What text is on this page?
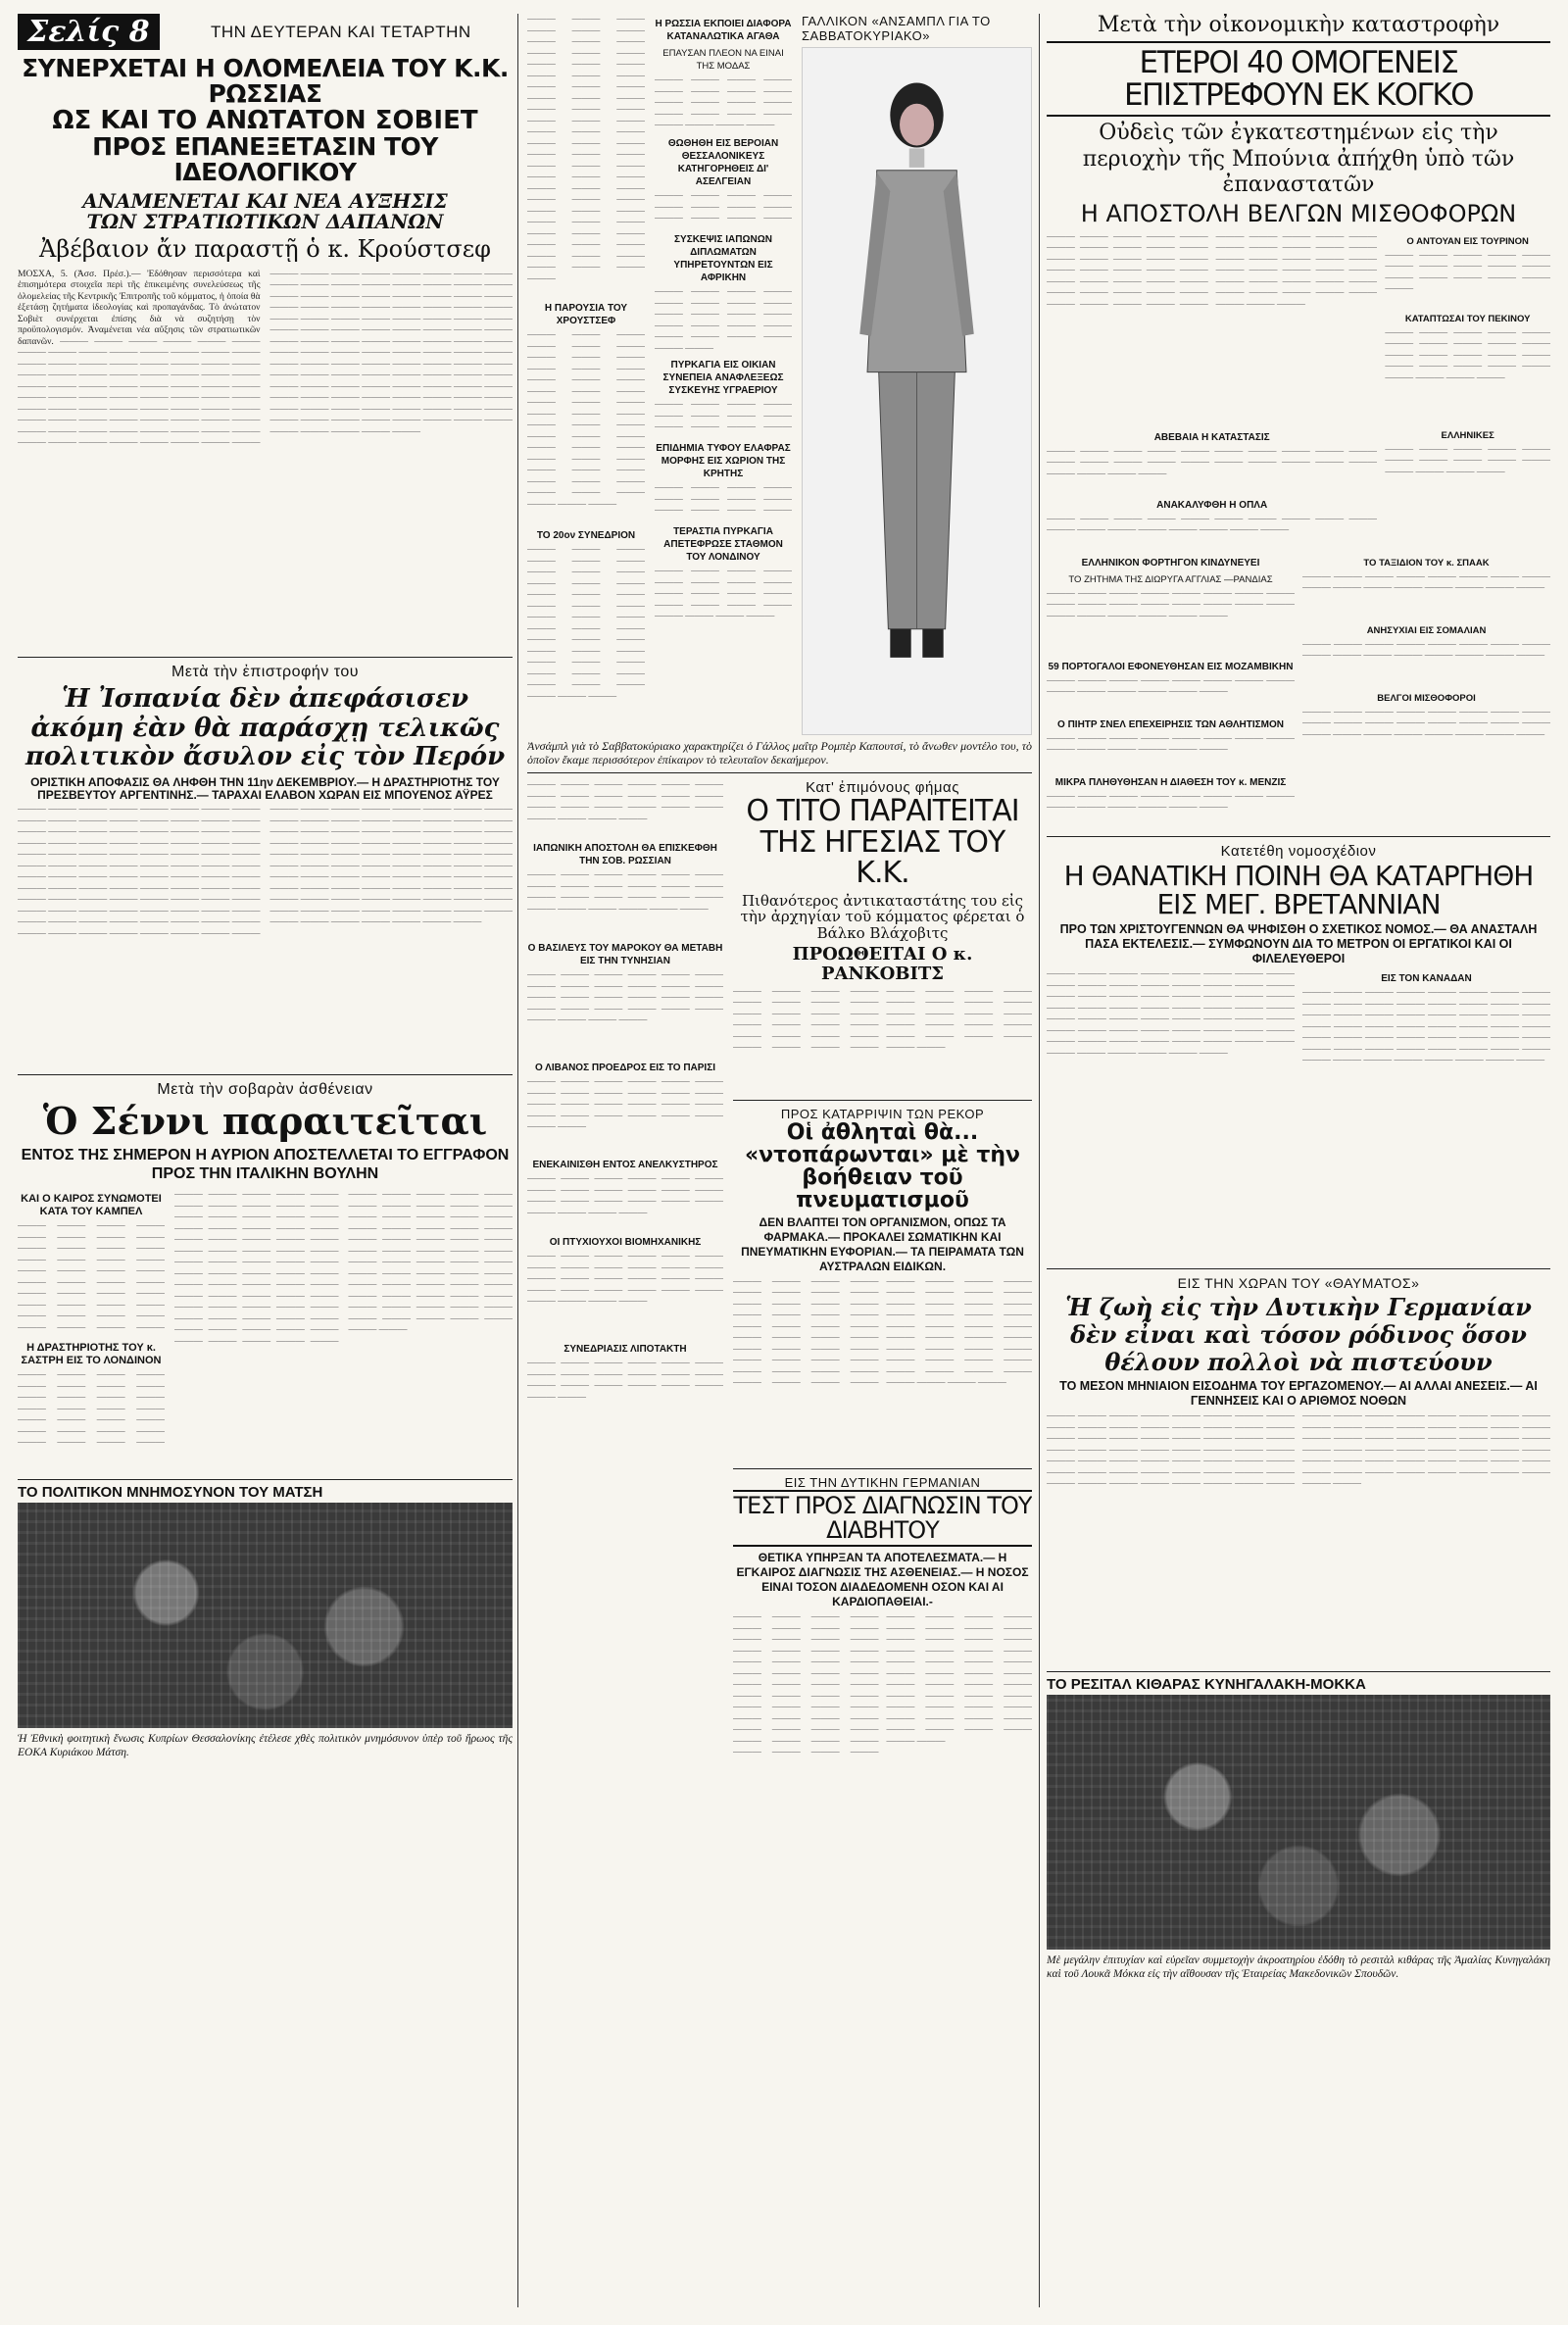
Σελίς 8	ΤΗΝ ΔΕΥΤΕΡΑΝ ΚΑΙ ΤΕΤΑΡΤΗΝ
ΣΥΝΕΡΧΕΤΑΙ Η ΟΛΟΜΕΛΕΙΑ ΤΟΥ Κ.Κ. ΡΩΣΣΙΑΣ
ΩΣ ΚΑΙ ΤΟ ΑΝΩΤΑΤΟΝ ΣΟΒΙΕΤ
ΠΡΟΣ ΕΠΑΝΕΞΕΤΑΣΙΝ ΤΟΥ ΙΔΕΟΛΟΓΙΚΟΥ
ΑΝΑΜΕΝΕΤΑΙ ΚΑΙ ΝΕΑ ΑΥΞΗΣΙΣ
ΤΩΝ ΣΤΡΑΤΙΩΤΙΚΩΝ ΔΑΠΑΝΩΝ
Ἀβέβαιον ἄν παραστῇ ὁ κ. Κρούστσεφ
ΜΟΣΧΑ, 5. (Ἀσσ. Πρέσ.).— Ἐδόθησαν περισσότερα καὶ ἐπισημότερα στοιχεῖα περὶ τῆς ἐπικειμένης συνελεύσεως τῆς ὁλομελείας τῆς Κεντρικῆς Ἐπιτροπῆς τοῦ κόμματος, ἡ ὁποία θὰ ἐξετάσῃ ζητήματα ἰδεολογίας καὶ προπαγάνδας. Τὸ ἀνώτατον Σοβιὲτ συνέρχεται ἐπίσης διὰ νὰ συζητήσῃ τὸν προϋπολογισμόν. Ἀναμένεται νέα αὔξησις τῶν στρατιωτικῶν δαπανῶν. ——— ——— ——— ——— ——— ——— ——— ——— ——— ——— ——— ——— ——— ——— ——— ——— ——— ——— ——— ——— ——— ——— ——— ——— ——— ——— ——— ——— ——— ——— ——— ——— ——— ——— ——— ——— ——— ——— ——— ——— ——— ——— ——— ——— ——— ——— ——— ——— ——— ——— ——— ——— ——— ——— ——— ——— ——— ——— ——— ——— ——— ——— ——— ——— ——— ——— ——— ——— ——— ——— ——— ——— ——— ——— ——— ——— ——— ——— ——— ——— ——— ——— ——— ——— ——— ——— ——— ——— ——— ——— ——— ——— ——— ——— ——— ——— ——— ——— ——— ——— ——— ——— ——— ——— ——— ——— ——— ——— ——— ——— ——— ——— ——— ——— ——— ——— ——— ——— ——— ——— ——— ——— ——— ——— ——— ——— ——— ——— ——— ——— ——— ——— ——— ——— ——— ——— ——— ——— ——— ——— ——— ——— ——— ——— ——— ——— ——— ——— ——— ——— ——— ——— ——— ——— ——— ——— ——— ——— ——— ——— ——— ——— ——— ——— ——— ——— ——— ——— ——— ——— ——— ——— ——— ——— ——— ——— ——— ——— ——— ——— ——— ——— ——— ——— ——— ——— ——— ——— ——— ——— ——— ——— ——— ——— ———
Μετὰ τὴν ἐπιστροφήν του
Ἡ Ἰσπανία δὲν ἀπεφάσισεν ἀκόμη ἐὰν θὰ παράσχῃ τελικῶς πολιτικὸν ἄσυλον εἰς τὸν Περόν
ΟΡΙΣΤΙΚΗ ΑΠΟΦΑΣΙΣ ΘΑ ΛΗΦΘΗ ΤΗΝ 11ην ΔΕΚΕΜΒΡΙΟΥ.— Η ΔΡΑΣΤΗΡΙΟΤΗΣ ΤΟΥ ΠΡΕΣΒΕΥΤΟΥ ΑΡΓΕΝΤΙΝΗΣ.— ΤΑΡΑΧΑΙ ΕΛΑΒΟΝ ΧΩΡΑΝ ΕΙΣ ΜΠΟΥΕΝΟΣ ΑΫΡΕΣ
——— ——— ——— ——— ——— ——— ——— ——— ——— ——— ——— ——— ——— ——— ——— ——— ——— ——— ——— ——— ——— ——— ——— ——— ——— ——— ——— ——— ——— ——— ——— ——— ——— ——— ——— ——— ——— ——— ——— ——— ——— ——— ——— ——— ——— ——— ——— ——— ——— ——— ——— ——— ——— ——— ——— ——— ——— ——— ——— ——— ——— ——— ——— ——— ——— ——— ——— ——— ——— ——— ——— ——— ——— ——— ——— ——— ——— ——— ——— ——— ——— ——— ——— ——— ——— ——— ——— ——— ——— ——— ——— ——— ——— ——— ——— ——— ——— ——— ——— ——— ——— ——— ——— ——— ——— ——— ——— ——— ——— ——— ——— ——— ——— ——— ——— ——— ——— ——— ——— ——— ——— ——— ——— ——— ——— ——— ——— ——— ——— ——— ——— ——— ——— ——— ——— ——— ——— ——— ——— ——— ——— ——— ——— ——— ——— ——— ——— ——— ——— ——— ——— ——— ——— ——— ——— ——— ——— ——— ——— ——— ——— ——— ——— ——— ——— ——— ——— ——— ——— ——— ——— ——— ——— ——— ——— ——— ——— ——— ——— ——— ——— ——— ———
Μετὰ τὴν σοβαρὰν ἀσθένειαν
Ὁ Σέννι παραιτεῖται
ΕΝΤΟΣ ΤΗΣ ΣΗΜΕΡΟΝ Η ΑΥΡΙΟΝ ΑΠΟΣΤΕΛΛΕΤΑΙ ΤΟ ΕΓΓΡΑΦΟΝ ΠΡΟΣ ΤΗΝ ΙΤΑΛΙΚΗΝ ΒΟΥΛΗΝ
ΚΑΙ Ο ΚΑΙΡΟΣ ΣΥΝΩΜΟΤΕΙ ΚΑΤΑ ΤΟΥ ΚΑΜΠΕΛ
——— ——— ——— ——— ——— ——— ——— ——— ——— ——— ——— ——— ——— ——— ——— ——— ——— ——— ——— ——— ——— ——— ——— ——— ——— ——— ——— ——— ——— ——— ——— ——— ——— ——— ——— ——— ——— ——— ——— ———
Η ΔΡΑΣΤΗΡΙΟΤΗΣ ΤΟΥ κ. ΣΑΣΤΡΗ ΕΙΣ ΤΟ ΛΟΝΔΙΝΟΝ
——— ——— ——— ——— ——— ——— ——— ——— ——— ——— ——— ——— ——— ——— ——— ——— ——— ——— ——— ——— ——— ——— ——— ——— ——— ——— ——— ———
——— ——— ——— ——— ——— ——— ——— ——— ——— ——— ——— ——— ——— ——— ——— ——— ——— ——— ——— ——— ——— ——— ——— ——— ——— ——— ——— ——— ——— ——— ——— ——— ——— ——— ——— ——— ——— ——— ——— ——— ——— ——— ——— ——— ——— ——— ——— ——— ——— ——— ——— ——— ——— ——— ——— ——— ——— ——— ——— ——— ——— ——— ——— ——— ——— ——— ——— ——— ——— ——— ——— ——— ——— ——— ——— ——— ——— ——— ——— ——— ——— ——— ——— ——— ——— ——— ——— ——— ——— ——— ——— ——— ——— ——— ——— ——— ——— ——— ——— ——— ——— ——— ——— ——— ——— ——— ——— ——— ——— ——— ——— ——— ——— ——— ——— ——— ——— ——— ——— ——— ——— ——— ——— ——— ——— ——— ——— ——— ——— ——— ——— ———
ΤΟ ΠΟΛΙΤΙΚΟΝ ΜΝΗΜΟΣΥΝΟΝ ΤΟΥ ΜΑΤΣΗ
Ἡ Ἐθνικὴ φοιτητικὴ ἕνωσις Κυπρίων Θεσσαλονίκης ἐτέλεσε χθὲς πολιτικὸν μνημόσυνον ὑπὲρ τοῦ ἥρωος τῆς ΕΟΚΑ Κυριάκου Μάτση.
——— ——— ——— ——— ——— ——— ——— ——— ——— ——— ——— ——— ——— ——— ——— ——— ——— ——— ——— ——— ——— ——— ——— ——— ——— ——— ——— ——— ——— ——— ——— ——— ——— ——— ——— ——— ——— ——— ——— ——— ——— ——— ——— ——— ——— ——— ——— ——— ——— ——— ——— ——— ——— ——— ——— ——— ——— ——— ——— ——— ——— ——— ——— ——— ——— ——— ——— ——— ——— ———
Η ΠΑΡΟΥΣΙΑ ΤΟΥ ΧΡΟΥΣΤΣΕΦ
——— ——— ——— ——— ——— ——— ——— ——— ——— ——— ——— ——— ——— ——— ——— ——— ——— ——— ——— ——— ——— ——— ——— ——— ——— ——— ——— ——— ——— ——— ——— ——— ——— ——— ——— ——— ——— ——— ——— ——— ——— ——— ——— ——— ——— ——— ——— ———
ΤΟ 20ον ΣΥΝΕΔΡΙΟΝ
——— ——— ——— ——— ——— ——— ——— ——— ——— ——— ——— ——— ——— ——— ——— ——— ——— ——— ——— ——— ——— ——— ——— ——— ——— ——— ——— ——— ——— ——— ——— ——— ——— ——— ——— ——— ——— ——— ——— ——— ——— ———
Η ΡΩΣΣΙΑ ΕΚΠΟΙΕΙ ΔΙΑΦΟΡΑ ΚΑΤΑΝΑΛΩΤΙΚΑ ΑΓΑΘΑ
ΕΠΑΥΣΑΝ ΠΛΕΟΝ ΝΑ ΕΙΝΑΙ ΤΗΣ ΜΟΔΑΣ
——— ——— ——— ——— ——— ——— ——— ——— ——— ——— ——— ——— ——— ——— ——— ——— ——— ——— ——— ———
ΘΩΘΗΘΗ ΕΙΣ ΒΕΡΟΙΑΝ ΘΕΣΣΑΛΟΝΙΚΕΥΣ ΚΑΤΗΓΟΡΗΘΕΙΣ ΔΙ' ΑΣΕΛΓΕΙΑΝ
——— ——— ——— ——— ——— ——— ——— ——— ——— ——— ——— ——— ——— ———
ΣΥΣΚΕΨΙΣ ΙΑΠΩΝΩΝ ΔΙΠΛΩΜΑΤΩΝ ΥΠΗΡΕΤΟΥΝΤΩΝ ΕΙΣ ΑΦΡΙΚΗΝ
——— ——— ——— ——— ——— ——— ——— ——— ——— ——— ——— ——— ——— ——— ——— ——— ——— ——— ——— ——— ——— ———
ΠΥΡΚΑΓΙΑ ΕΙΣ ΟΙΚΙΑΝ ΣΥΝΕΠΕΙΑ ΑΝΑΦΛΕΞΕΩΣ ΣΥΣΚΕΥΗΣ ΥΓΡΑΕΡΙΟΥ
——— ——— ——— ——— ——— ——— ——— ——— ——— ——— ——— ——— ——— ———
ΕΠΙΔΗΜΙΑ ΤΥΦΟΥ ΕΛΑΦΡΑΣ ΜΟΡΦΗΣ ΕΙΣ ΧΩΡΙΟΝ ΤΗΣ ΚΡΗΤΗΣ
——— ——— ——— ——— ——— ——— ——— ——— ——— ——— ——— ——— ——— ———
ΤΕΡΑΣΤΙΑ ΠΥΡΚΑΓΙΑ ΑΠΕΤΕΦΡΩΣΕ ΣΤΑΘΜΟΝ ΤΟΥ ΛΟΝΔΙΝΟΥ
——— ——— ——— ——— ——— ——— ——— ——— ——— ——— ——— ——— ——— ——— ——— ——— ——— ——— ——— ———
ΓΑΛΛΙΚΟΝ «ΑΝΣΑΜΠΛ ΓΙΑ ΤΟ ΣΑΒΒΑΤΟΚΥΡΙΑΚΟ»
Ἀνσάμπλ γιὰ τὸ Σαββατοκύριακο χαρακτηρίζει ὁ Γάλλος μαΐτρ Ρομπὲρ Καπουτσί, τὸ ἄνωθεν μοντέλο του, τὸ ὁποῖον ἔκαμε περισσότερον ἐπίκαιρον τὸ τελευταῖον δεκαήμερον.
——— ——— ——— ——— ——— ——— ——— ——— ——— ——— ——— ——— ——— ——— ——— ——— ——— ——— ——— ——— ——— ———
ΙΑΠΩΝΙΚΗ ΑΠΟΣΤΟΛΗ ΘΑ ΕΠΙΣΚΕΦΘΗ ΤΗΝ ΣΟΒ. ΡΩΣΣΙΑΝ
——— ——— ——— ——— ——— ——— ——— ——— ——— ——— ——— ——— ——— ——— ——— ——— ——— ——— ——— ——— ——— ——— ——— ———
Ο ΒΑΣΙΛΕΥΣ ΤΟΥ ΜΑΡΟΚΟΥ ΘΑ ΜΕΤΑΒΗ ΕΙΣ ΤΗΝ ΤΥΝΗΣΙΑΝ
——— ——— ——— ——— ——— ——— ——— ——— ——— ——— ——— ——— ——— ——— ——— ——— ——— ——— ——— ——— ——— ——— ——— ——— ——— ——— ——— ———
Ο ΛΙΒΑΝΟΣ ΠΡΟΕΔΡΟΣ ΕΙΣ ΤΟ ΠΑΡΙΣΙ
——— ——— ——— ——— ——— ——— ——— ——— ——— ——— ——— ——— ——— ——— ——— ——— ——— ——— ——— ——— ——— ——— ——— ——— ——— ———
ΕΝΕΚΑΙΝΙΣΘΗ ΕΝΤΟΣ ΑΝΕΛΚΥΣΤΗΡΟΣ
——— ——— ——— ——— ——— ——— ——— ——— ——— ——— ——— ——— ——— ——— ——— ——— ——— ——— ——— ——— ——— ———
ΟΙ ΠΤΥΧΙΟΥΧΟΙ ΒΙΟΜΗΧΑΝΙΚΗΣ
——— ——— ——— ——— ——— ——— ——— ——— ——— ——— ——— ——— ——— ——— ——— ——— ——— ——— ——— ——— ——— ——— ——— ——— ——— ——— ——— ———
ΣΥΝΕΔΡΙΑΣΙΣ ΛΙΠΟΤΑΚΤΗ
——— ——— ——— ——— ——— ——— ——— ——— ——— ——— ——— ——— ——— ——— ——— ——— ——— ——— ——— ———
Κατ' ἐπιμόνους φήμας
Ο ΤΙΤΟ ΠΑΡΑΙΤΕΙΤΑΙ ΤΗΣ ΗΓΕΣΙΑΣ ΤΟΥ Κ.Κ.
Πιθανότερος ἀντικαταστάτης του εἰς τὴν ἀρχηγίαν τοῦ κόμματος φέρεται ὁ Βάλκο Βλάχοβιτς
ΠΡΟΩΘΕΙΤΑΙ Ο κ. ΡΑΝΚΟΒΙΤΣ
——— ——— ——— ——— ——— ——— ——— ——— ——— ——— ——— ——— ——— ——— ——— ——— ——— ——— ——— ——— ——— ——— ——— ——— ——— ——— ——— ——— ——— ——— ——— ——— ——— ——— ——— ——— ——— ——— ——— ——— ——— ——— ——— ——— ——— ———
ΠΡΟΣ ΚΑΤΑΡΡΙΨΙΝ ΤΩΝ ΡΕΚΟΡ
Οἱ ἀθληταὶ θὰ... «ντοπάρωνται» μὲ τὴν βοήθειαν τοῦ πνευματισμοῦ
ΔΕΝ ΒΛΑΠΤΕΙ ΤΟΝ ΟΡΓΑΝΙΣΜΟΝ, ΟΠΩΣ ΤΑ ΦΑΡΜΑΚΑ.— ΠΡΟΚΑΛΕΙ ΣΩΜΑΤΙΚΗΝ ΚΑΙ ΠΝΕΥΜΑΤΙΚΗΝ ΕΥΦΟΡΙΑΝ.— ΤΑ ΠΕΙΡΑΜΑΤΑ ΤΩΝ ΑΥΣΤΡΑΛΩΝ ΕΙΔΙΚΩΝ.
——— ——— ——— ——— ——— ——— ——— ——— ——— ——— ——— ——— ——— ——— ——— ——— ——— ——— ——— ——— ——— ——— ——— ——— ——— ——— ——— ——— ——— ——— ——— ——— ——— ——— ——— ——— ——— ——— ——— ——— ——— ——— ——— ——— ——— ——— ——— ——— ——— ——— ——— ——— ——— ——— ——— ——— ——— ——— ——— ——— ——— ——— ——— ——— ——— ——— ——— ——— ——— ——— ——— ——— ——— ——— ——— ——— ——— ——— ——— ———
ΕΙΣ ΤΗΝ ΔΥΤΙΚΗΝ ΓΕΡΜΑΝΙΑΝ
ΤΕΣΤ ΠΡΟΣ ΔΙΑΓΝΩΣΙΝ ΤΟΥ ΔΙΑΒΗΤΟΥ
ΘΕΤΙΚΑ ΥΠΗΡΞΑΝ ΤΑ ΑΠΟΤΕΛΕΣΜΑΤΑ.— Η ΕΓΚΑΙΡΟΣ ΔΙΑΓΝΩΣΙΣ ΤΗΣ ΑΣΘΕΝΕΙΑΣ.— Η ΝΟΣΟΣ ΕΙΝΑΙ ΤΟΣΟΝ ΔΙΑΔΕΔΟΜΕΝΗ ΟΣΟΝ ΚΑΙ ΑΙ ΚΑΡΔΙΟΠΑΘΕΙΑΙ.-
——— ——— ——— ——— ——— ——— ——— ——— ——— ——— ——— ——— ——— ——— ——— ——— ——— ——— ——— ——— ——— ——— ——— ——— ——— ——— ——— ——— ——— ——— ——— ——— ——— ——— ——— ——— ——— ——— ——— ——— ——— ——— ——— ——— ——— ——— ——— ——— ——— ——— ——— ——— ——— ——— ——— ——— ——— ——— ——— ——— ——— ——— ——— ——— ——— ——— ——— ——— ——— ——— ——— ——— ——— ——— ——— ——— ——— ——— ——— ——— ——— ——— ——— ——— ——— ——— ——— ——— ——— ——— ——— ——— ——— ——— ——— ——— ——— ———
Μετὰ τὴν οἰκονομικὴν καταστροφὴν
ΕΤΕΡΟΙ 40 ΟΜΟΓΕΝΕΙΣ ΕΠΙΣΤΡΕΦΟΥΝ ΕΚ ΚΟΓΚΟ
Οὐδεὶς τῶν ἐγκατεστημένων εἰς τὴν περιοχὴν τῆς Μπούνια ἀπήχθη ὑπὸ τῶν ἐπαναστατῶν
Η ΑΠΟΣΤΟΛΗ ΒΕΛΓΩΝ ΜΙΣΘΟΦΟΡΩΝ
——— ——— ——— ——— ——— ——— ——— ——— ——— ——— ——— ——— ——— ——— ——— ——— ——— ——— ——— ——— ——— ——— ——— ——— ——— ——— ——— ——— ——— ——— ——— ——— ——— ——— ——— ——— ——— ——— ——— ——— ——— ——— ——— ——— ——— ——— ——— ——— ——— ——— ——— ——— ——— ——— ——— ——— ——— ——— ——— ——— ——— ——— ——— ——— ——— ——— ——— ———
ΑΒΕΒΑΙΑ Η ΚΑΤΑΣΤΑΣΙΣ
——— ——— ——— ——— ——— ——— ——— ——— ——— ——— ——— ——— ——— ——— ——— ——— ——— ——— ——— ——— ——— ——— ——— ———
ΑΝΑΚΑΛΥΦΘΗ Η ΟΠΛΑ
——— ——— ——— ——— ——— ——— ——— ——— ——— ——— ——— ——— ——— ——— ——— ——— ——— ———
Ο ΑΝΤΟΥΑΝ ΕΙΣ ΤΟΥΡΙΝΟΝ
——— ——— ——— ——— ——— ——— ——— ——— ——— ——— ——— ——— ——— ——— ——— ———
ΚΑΤΑΠΤΩΣΑΙ ΤΟΥ ΠΕΚΙΝΟΥ
——— ——— ——— ——— ——— ——— ——— ——— ——— ——— ——— ——— ——— ——— ——— ——— ——— ——— ——— ——— ——— ——— ——— ———
ΕΛΛΗΝΙΚΕΣ
——— ——— ——— ——— ——— ——— ——— ——— ——— ——— ——— ——— ——— ———
ΕΛΛΗΝΙΚΟΝ ΦΟΡΤΗΓΟΝ ΚΙΝΔΥΝΕΥΕΙ
ΤΟ ΖΗΤΗΜΑ ΤΗΣ ΔΙΩΡΥΓΑ ΑΓΓΛΙΑΣ —ΡΑΝΔΙΑΣ
——— ——— ——— ——— ——— ——— ——— ——— ——— ——— ——— ——— ——— ——— ——— ——— ——— ——— ——— ——— ——— ———
59 ΠΟΡΤΟΓΑΛΟΙ ΕΦΟΝΕΥΘΗΣΑΝ ΕΙΣ ΜΟΖΑΜΒΙΚΗΝ
——— ——— ——— ——— ——— ——— ——— ——— ——— ——— ——— ——— ——— ———
Ο ΠΙΗΤΡ ΣΝΕΛ ΕΠΕΧΕΙΡΗΣΙΣ ΤΩΝ ΑΘΛΗΤΙΣΜΟΝ
——— ——— ——— ——— ——— ——— ——— ——— ——— ——— ——— ——— ——— ———
ΜΙΚΡΑ ΠΛΗΘΥΘΗΣΑΝ Η ΔΙΑΘΕΣΗ ΤΟΥ κ. ΜΕΝΖΙΣ
——— ——— ——— ——— ——— ——— ——— ——— ——— ——— ——— ——— ——— ———
ΤΟ ΤΑΞΙΔΙΟΝ ΤΟΥ κ. ΣΠΑΑΚ
——— ——— ——— ——— ——— ——— ——— ——— ——— ——— ——— ——— ——— ——— ——— ———
ΑΝΗΣΥΧΙΑΙ ΕΙΣ ΣΟΜΑΛΙΑΝ
——— ——— ——— ——— ——— ——— ——— ——— ——— ——— ——— ——— ——— ——— ——— ———
ΒΕΛΓΟΙ ΜΙΣΘΟΦΟΡΟΙ
——— ——— ——— ——— ——— ——— ——— ——— ——— ——— ——— ——— ——— ——— ——— ——— ——— ——— ——— ——— ——— ——— ——— ———
Κατετέθη νομοσχέδιον
Η ΘΑΝΑΤΙΚΗ ΠΟΙΝΗ ΘΑ ΚΑΤΑΡΓΗΘΗ ΕΙΣ ΜΕΓ. ΒΡΕΤΑΝΝΙΑΝ
ΠΡΟ ΤΩΝ ΧΡΙΣΤΟΥΓΕΝΝΩΝ ΘΑ ΨΗΦΙΣΘΗ Ο ΣΧΕΤΙΚΟΣ ΝΟΜΟΣ.— ΘΑ ΑΝΑΣΤΑΛΗ ΠΑΣΑ ΕΚΤΕΛΕΣΙΣ.— ΣΥΜΦΩΝΟΥΝ ΔΙΑ ΤΟ ΜΕΤΡΟΝ ΟΙ ΕΡΓΑΤΙΚΟΙ ΚΑΙ ΟΙ ΦΙΛΕΛΕΥΘΕΡΟΙ
——— ——— ——— ——— ——— ——— ——— ——— ——— ——— ——— ——— ——— ——— ——— ——— ——— ——— ——— ——— ——— ——— ——— ——— ——— ——— ——— ——— ——— ——— ——— ——— ——— ——— ——— ——— ——— ——— ——— ——— ——— ——— ——— ——— ——— ——— ——— ——— ——— ——— ——— ——— ——— ——— ——— ——— ——— ——— ——— ——— ——— ———
ΕΙΣ ΤΟΝ ΚΑΝΑΔΑΝ
——— ——— ——— ——— ——— ——— ——— ——— ——— ——— ——— ——— ——— ——— ——— ——— ——— ——— ——— ——— ——— ——— ——— ——— ——— ——— ——— ——— ——— ——— ——— ——— ——— ——— ——— ——— ——— ——— ——— ——— ——— ——— ——— ——— ——— ——— ——— ——— ——— ——— ——— ——— ——— ——— ——— ———
ΕΙΣ ΤΗΝ ΧΩΡΑΝ ΤΟΥ «ΘΑΥΜΑΤΟΣ»
Ἡ ζωὴ εἰς τὴν Δυτικὴν Γερμανίαν δὲν εἶναι καὶ τόσον ρόδινος ὅσον θέλουν πολλοὶ νὰ πιστεύουν
ΤΟ ΜΕΣΟΝ ΜΗΝΙΑΙΟΝ ΕΙΣΟΔΗΜΑ ΤΟΥ ΕΡΓΑΖΟΜΕΝΟΥ.— ΑΙ ΑΛΛΑΙ ΑΝΕΣΕΙΣ.— ΑΙ ΓΕΝΝΗΣΕΙΣ ΚΑΙ Ο ΑΡΙΘΜΟΣ ΝΟΘΩΝ
——— ——— ——— ——— ——— ——— ——— ——— ——— ——— ——— ——— ——— ——— ——— ——— ——— ——— ——— ——— ——— ——— ——— ——— ——— ——— ——— ——— ——— ——— ——— ——— ——— ——— ——— ——— ——— ——— ——— ——— ——— ——— ——— ——— ——— ——— ——— ——— ——— ——— ——— ——— ——— ——— ——— ——— ——— ——— ——— ——— ——— ——— ——— ——— ——— ——— ——— ——— ——— ——— ——— ——— ——— ——— ——— ——— ——— ——— ——— ——— ——— ——— ——— ——— ——— ——— ——— ——— ——— ——— ——— ——— ——— ——— ——— ——— ——— ——— ——— ——— ——— ——— ——— ——— ——— ———
ΤΟ ΡΕΣΙΤΑΛ ΚΙΘΑΡΑΣ ΚΥΝΗΓΑΛΑΚΗ-ΜΟΚΚΑ
Μὲ μεγάλην ἐπιτυχίαν καὶ εὐρεῖαν συμμετοχὴν ἀκροατηρίου ἐδόθη τὸ ρεσιτὰλ κιθάρας τῆς Ἀμαλίας Κυνηγαλάκη καὶ τοῦ Λουκᾶ Μόκκα εἰς τὴν αἴθουσαν τῆς Ἑταιρείας Μακεδονικῶν Σπουδῶν.
